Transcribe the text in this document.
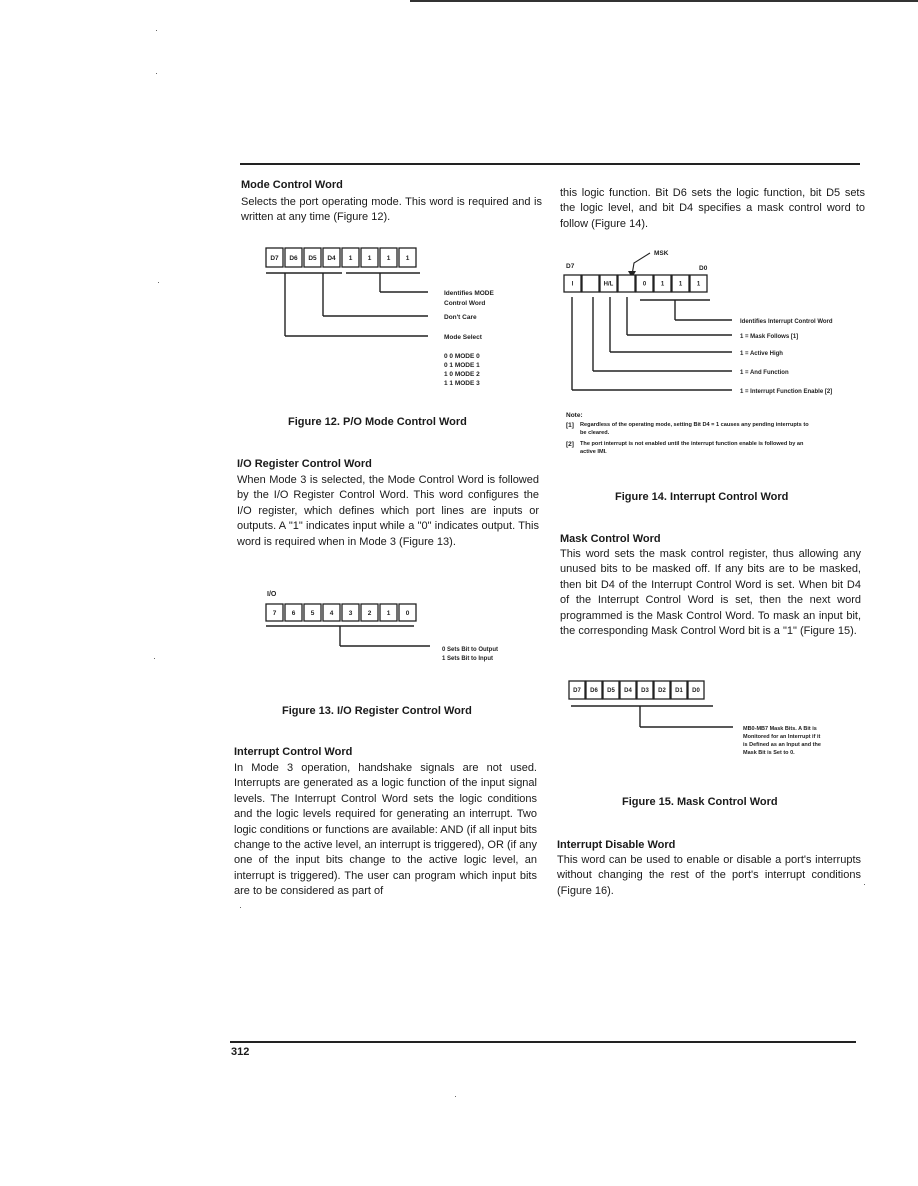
Mode Control Word
Selects the port operating mode. This word is required and is written at any time (Figure 12).
D7 D6 D5 D4 1 1 1 1
Identifies MODE
Control Word
Don't Care
Mode Select
0 0 MODE 0
0 1 MODE 1
1 0 MODE 2
1 1 MODE 3
Figure 12. P/O Mode Control Word
I/O Register Control Word
When Mode 3 is selected, the Mode Control Word is followed by the I/O Register Control Word. This word configures the I/O register, which defines which port lines are inputs or outputs. A "1" indicates input while a "0" indicates output. This word is required when in Mode 3 (Figure 13).
I/O
7 6 5 4 3 2 1 0
0 Sets Bit to Output
1 Sets Bit to Input
Figure 13. I/O Register Control Word
Interrupt Control Word
In Mode 3 operation, handshake signals are not used. Interrupts are generated as a logic function of the input signal levels. The Interrupt Control Word sets the logic conditions and the logic levels required for generating an interrupt. Two logic conditions or functions are available: AND (if all input bits change to the active level, an interrupt is triggered), OR (if any one of the input bits change to the active logic level, an interrupt is triggered). The user can program which input bits are to be considered as part of
this logic function. Bit D6 sets the logic function, bit D5 sets the logic level, and bit D4 specifies a mask control word to follow (Figure 14).
MSK
D7	D0
I	H/L	0 1 1 1
Identifies Interrupt Control Word
1 = Mask Follows [1]
1 = Active High
1 = And Function
1 = Interrupt Function Enable [2]
Note:
[1] Regardless of the operating mode, setting Bit D4 = 1 causes any pending interrupts to be cleared.
[2] The port interrupt is not enabled until the interrupt function enable is followed by an active IMI.
Figure 14. Interrupt Control Word
Mask Control Word
This word sets the mask control register, thus allowing any unused bits to be masked off. If any bits are to be masked, then bit D4 of the Interrupt Control Word is set. When bit D4 of the Interrupt Control Word is set, then the next word programmed is the Mask Control Word. To mask an input bit, the corresponding Mask Control Word bit is a "1" (Figure 15).
D7 D6 D5 D4 D3 D2 D1 D0
MB0-MB7 Mask Bits. A Bit is
Monitored for an Interrupt if it
is Defined as an Input and the
Mask Bit is Set to 0.
Figure 15. Mask Control Word
Interrupt Disable Word
This word can be used to enable or disable a port's interrupts without changing the rest of the port's interrupt conditions (Figure 16).
312
